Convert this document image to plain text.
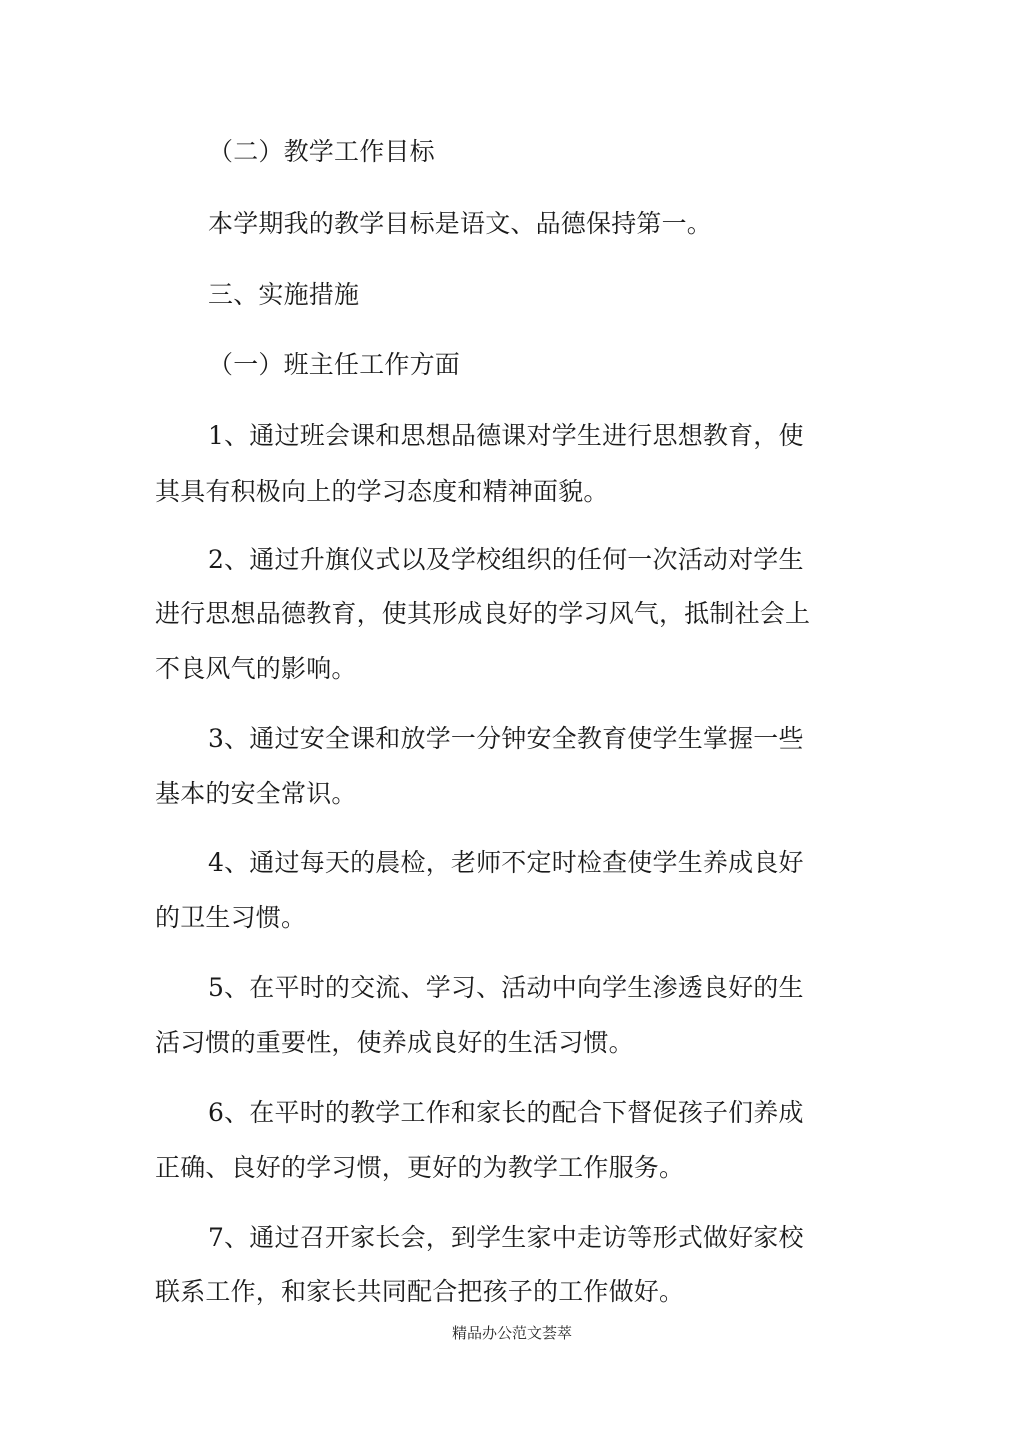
（二）教学工作目标

本学期我的教学目标是语文、品德保持第一。

三、实施措施

（一）班主任工作方面

1、通过班会课和思想品德课对学生进行思想教育，使

其具有积极向上的学习态度和精神面貌。

2、通过升旗仪式以及学校组织的任何一次活动对学生

进行思想品德教育，使其形成良好的学习风气，抵制社会上

不良风气的影响。

3、通过安全课和放学一分钟安全教育使学生掌握一些

基本的安全常识。

4、通过每天的晨检，老师不定时检查使学生养成良好

的卫生习惯。

5、在平时的交流、学习、活动中向学生渗透良好的生

活习惯的重要性，使养成良好的生活习惯。

6、在平时的教学工作和家长的配合下督促孩子们养成

正确、良好的学习惯，更好的为教学工作服务。

7、通过召开家长会，到学生家中走访等形式做好家校

联系工作，和家长共同配合把孩子的工作做好。

精品办公范文荟萃
